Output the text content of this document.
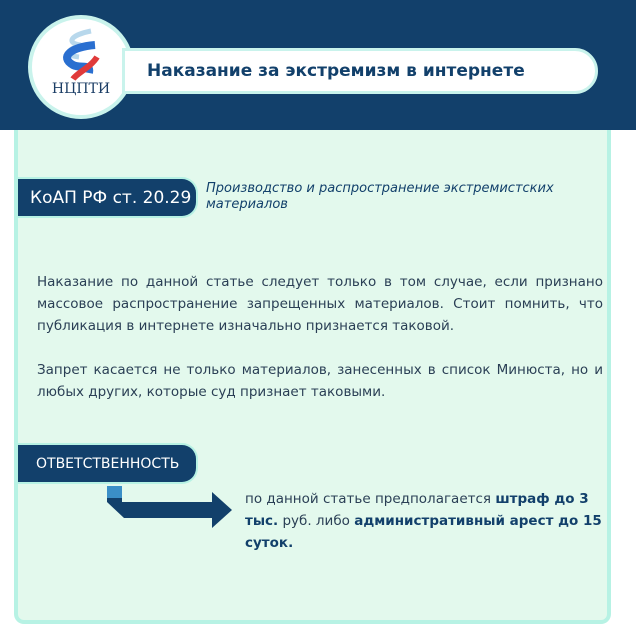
НЦПТИ
Наказание за экстремизм в интернете
КоАП РФ ст. 20.29 Производство и распространение экстремистских материалов
Наказание по данной статье следует только в том случае, если признано массовое распространение запрещенных материалов. Стоит помнить, что публикация в интернете изначально признается таковой.
Запрет касается не только материалов, занесенных в список Минюста, но и любых других, которые суд признает таковыми.
ОТВЕТСТВЕННОСТЬ
по данной статье предполагается штраф до 3 тыс. руб. либо административный арест до 15 суток.
